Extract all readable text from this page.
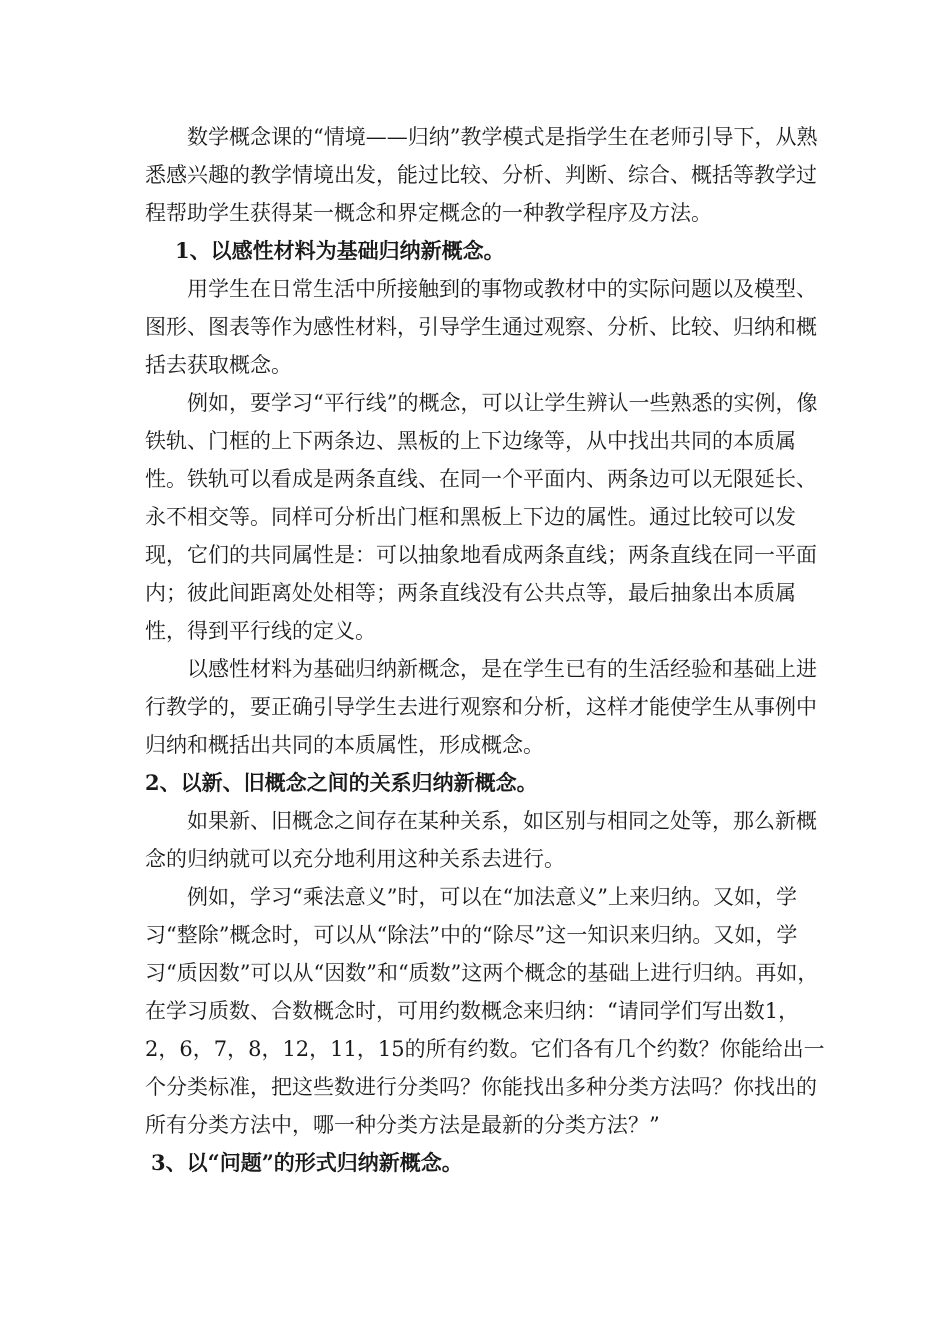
数学概念课的“情境——归纳”教学模式是指学生在老师引导下，从熟悉感兴趣的教学情境出发，能过比较、分析、判断、综合、概括等教学过程帮助学生获得某一概念和界定概念的一种教学程序及方法。

1、以感性材料为基础归纳新概念。

用学生在日常生活中所接触到的事物或教材中的实际问题以及模型、图形、图表等作为感性材料，引导学生通过观察、分析、比较、归纳和概括去获取概念。

例如，要学习“平行线”的概念，可以让学生辨认一些熟悉的实例，像铁轨、门框的上下两条边、黑板的上下边缘等，从中找出共同的本质属性。铁轨可以看成是两条直线、在同一个平面内、两条边可以无限延长、永不相交等。同样可分析出门框和黑板上下边的属性。通过比较可以发现，它们的共同属性是：可以抽象地看成两条直线；两条直线在同一平面内；彼此间距离处处相等；两条直线没有公共点等，最后抽象出本质属性，得到平行线的定义。

以感性材料为基础归纳新概念，是在学生已有的生活经验和基础上进行教学的，要正确引导学生去进行观察和分析，这样才能使学生从事例中归纳和概括出共同的本质属性，形成概念。

2、以新、旧概念之间的关系归纳新概念。

如果新、旧概念之间存在某种关系，如区别与相同之处等，那么新概念的归纳就可以充分地利用这种关系去进行。

例如，学习“乘法意义”时，可以在“加法意义”上来归纳。又如，学习“整除”概念时，可以从“除法”中的“除尽”这一知识来归纳。又如，学习“质因数”可以从“因数”和“质数”这两个概念的基础上进行归纳。再如，在学习质数、合数概念时，可用约数概念来归纳：“请同学们写出数1，2，6，7，8，12，11，15的所有约数。它们各有几个约数？你能给出一个分类标准，把这些数进行分类吗？你能找出多种分类方法吗？你找出的所有分类方法中，哪一种分类方法是最新的分类方法？”

3、以“问题”的形式归纳新概念。
